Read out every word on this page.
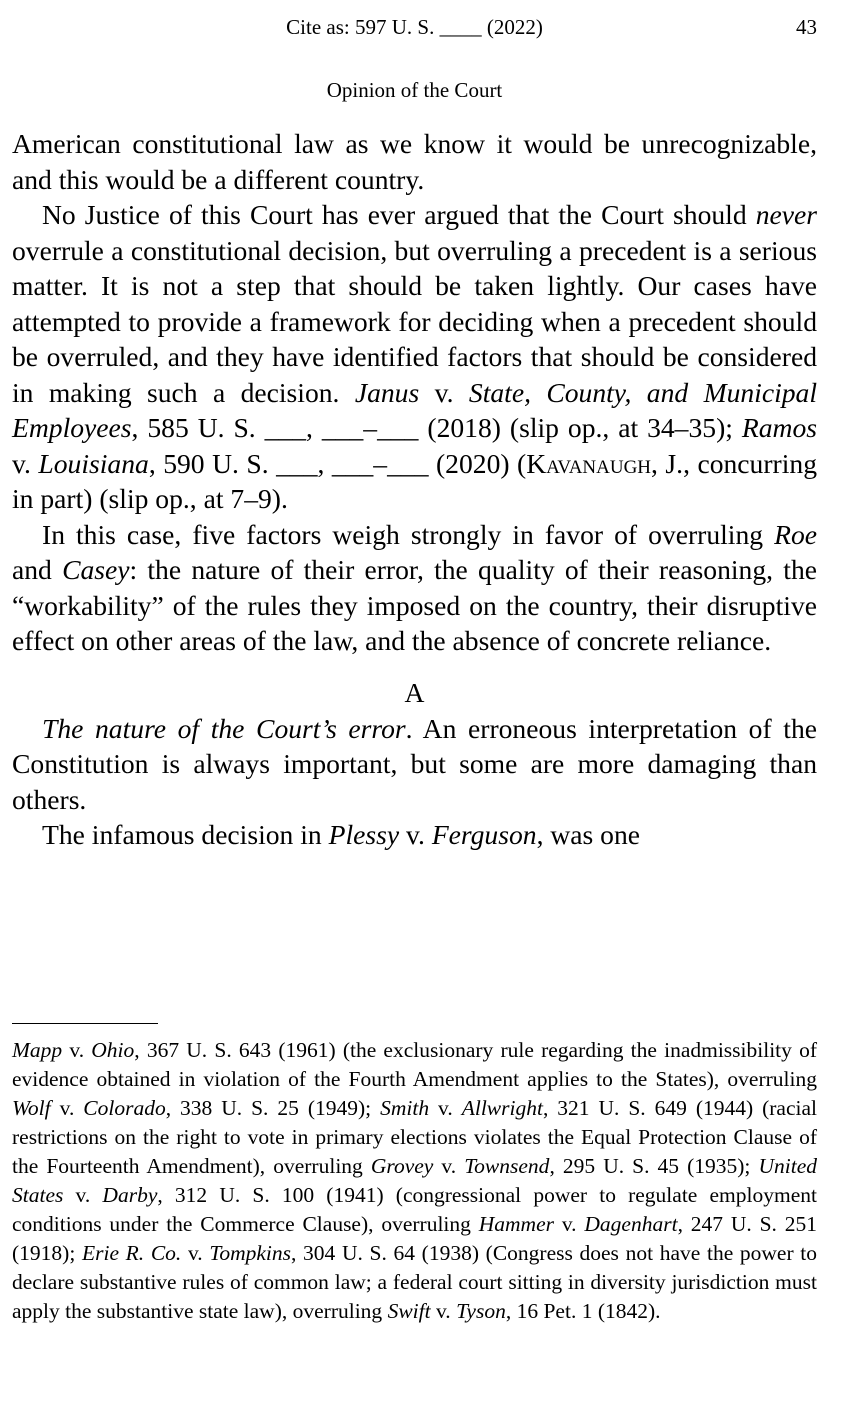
Cite as: 597 U. S. ____ (2022)	43
Opinion of the Court

American constitutional law as we know it would be unrecognizable, and this would be a different country.

No Justice of this Court has ever argued that the Court should never overrule a constitutional decision, but overruling a precedent is a serious matter. It is not a step that should be taken lightly. Our cases have attempted to provide a framework for deciding when a precedent should be overruled, and they have identified factors that should be considered in making such a decision. Janus v. State, County, and Municipal Employees, 585 U. S. ___, ___–___ (2018) (slip op., at 34–35); Ramos v. Louisiana, 590 U. S. ___, ___–___ (2020) (Kavanaugh, J., concurring in part) (slip op., at 7–9).

In this case, five factors weigh strongly in favor of overruling Roe and Casey: the nature of their error, the quality of their reasoning, the “workability” of the rules they imposed on the country, their disruptive effect on other areas of the law, and the absence of concrete reliance.

A

The nature of the Court’s error. An erroneous interpretation of the Constitution is always important, but some are more damaging than others.

The infamous decision in Plessy v. Ferguson, was one

Mapp v. Ohio, 367 U. S. 643 (1961) (the exclusionary rule regarding the inadmissibility of evidence obtained in violation of the Fourth Amendment applies to the States), overruling Wolf v. Colorado, 338 U. S. 25 (1949); Smith v. Allwright, 321 U. S. 649 (1944) (racial restrictions on the right to vote in primary elections violates the Equal Protection Clause of the Fourteenth Amendment), overruling Grovey v. Townsend, 295 U. S. 45 (1935); United States v. Darby, 312 U. S. 100 (1941) (congressional power to regulate employment conditions under the Commerce Clause), overruling Hammer v. Dagenhart, 247 U. S. 251 (1918); Erie R. Co. v. Tompkins, 304 U. S. 64 (1938) (Congress does not have the power to declare substantive rules of common law; a federal court sitting in diversity jurisdiction must apply the substantive state law), overruling Swift v. Tyson, 16 Pet. 1 (1842).
